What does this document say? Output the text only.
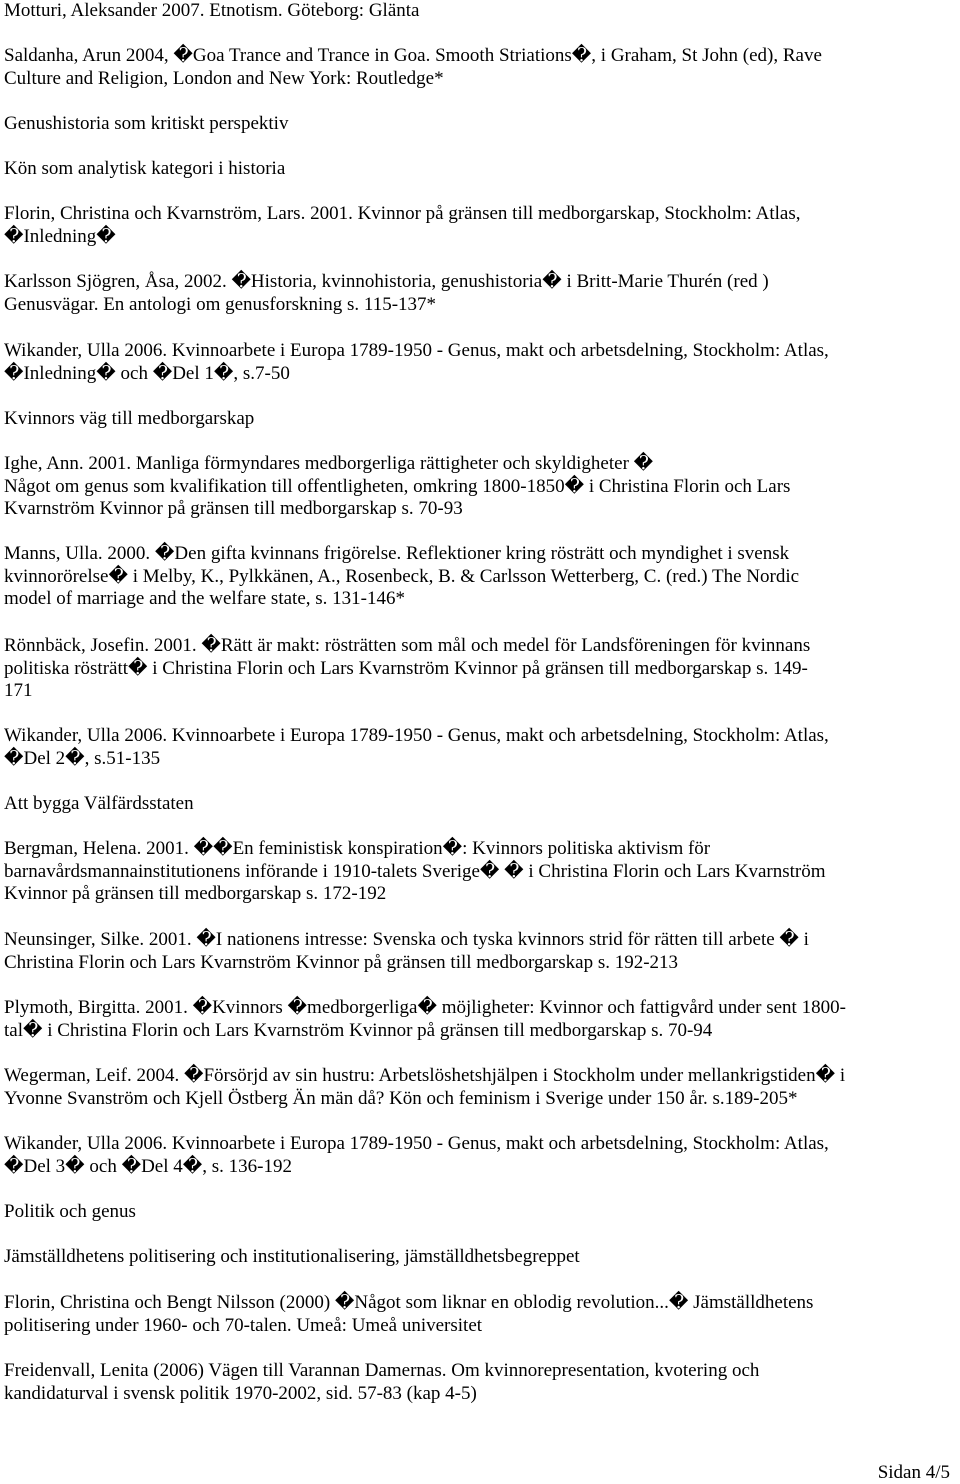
Motturi, Aleksander 2007. Etnotism. Göteborg: Glänta
Saldanha, Arun 2004, �Goa Trance and Trance in Goa. Smooth Striations�, i Graham, St John (ed), Rave
Culture and Religion, London and New York: Routledge*
Genushistoria som kritiskt perspektiv
Kön som analytisk kategori i historia
Florin, Christina och Kvarnström, Lars. 2001. Kvinnor på gränsen till medborgarskap, Stockholm: Atlas,
�Inledning�
Karlsson Sjögren, Åsa, 2002. �Historia, kvinnohistoria, genushistoria� i Britt-Marie Thurén (red )
Genusvägar. En antologi om genusforskning s. 115-137*
Wikander, Ulla 2006. Kvinnoarbete i Europa 1789-1950 - Genus, makt och arbetsdelning, Stockholm: Atlas,
�Inledning� och �Del 1�, s.7-50
Kvinnors väg till medborgarskap
Ighe, Ann. 2001. Manliga förmyndares medborgerliga rättigheter och skyldigheter �
Något om genus som kvalifikation till offentligheten, omkring 1800-1850� i Christina Florin och Lars
Kvarnström Kvinnor på gränsen till medborgarskap s. 70-93
Manns, Ulla. 2000. �Den gifta kvinnans frigörelse. Reflektioner kring rösträtt och myndighet i svensk
kvinnorörelse� i Melby, K., Pylkkänen, A., Rosenbeck, B. & Carlsson Wetterberg, C. (red.) The Nordic
model of marriage and the welfare state, s. 131-146*
Rönnbäck, Josefin. 2001. �Rätt är makt: rösträtten som mål och medel för Landsföreningen för kvinnans
politiska rösträtt� i Christina Florin och Lars Kvarnström Kvinnor på gränsen till medborgarskap s. 149-
171
Wikander, Ulla 2006. Kvinnoarbete i Europa 1789-1950 - Genus, makt och arbetsdelning, Stockholm: Atlas,
�Del 2�, s.51-135
Att bygga Välfärdsstaten
Bergman, Helena. 2001. ��En feministisk konspiration�: Kvinnors politiska aktivism för
barnavårdsmannainstitutionens införande i 1910-talets Sverige� � i Christina Florin och Lars Kvarnström
Kvinnor på gränsen till medborgarskap s. 172-192
Neunsinger, Silke. 2001. �I nationens intresse: Svenska och tyska kvinnors strid för rätten till arbete � i
Christina Florin och Lars Kvarnström Kvinnor på gränsen till medborgarskap s. 192-213
Plymoth, Birgitta. 2001. �Kvinnors �medborgerliga� möjligheter: Kvinnor och fattigvård under sent 1800-
tal� i Christina Florin och Lars Kvarnström Kvinnor på gränsen till medborgarskap s. 70-94
Wegerman, Leif. 2004. �Försörjd av sin hustru: Arbetslöshetshjälpen i Stockholm under mellankrigstiden� i
Yvonne Svanström och Kjell Östberg Än män då? Kön och feminism i Sverige under 150 år. s.189-205*
Wikander, Ulla 2006. Kvinnoarbete i Europa 1789-1950 - Genus, makt och arbetsdelning, Stockholm: Atlas,
�Del 3� och �Del 4�, s. 136-192
Politik och genus
Jämställdhetens politisering och institutionalisering, jämställdhetsbegreppet
Florin, Christina och Bengt Nilsson (2000) �Något som liknar en oblodig revolution...� Jämställdhetens
politisering under 1960- och 70-talen. Umeå: Umeå universitet
Freidenvall, Lenita (2006) Vägen till Varannan Damernas. Om kvinnorepresentation, kvotering och
kandidaturval i svensk politik 1970-2002, sid. 57-83 (kap 4-5)
Sidan 4/5
